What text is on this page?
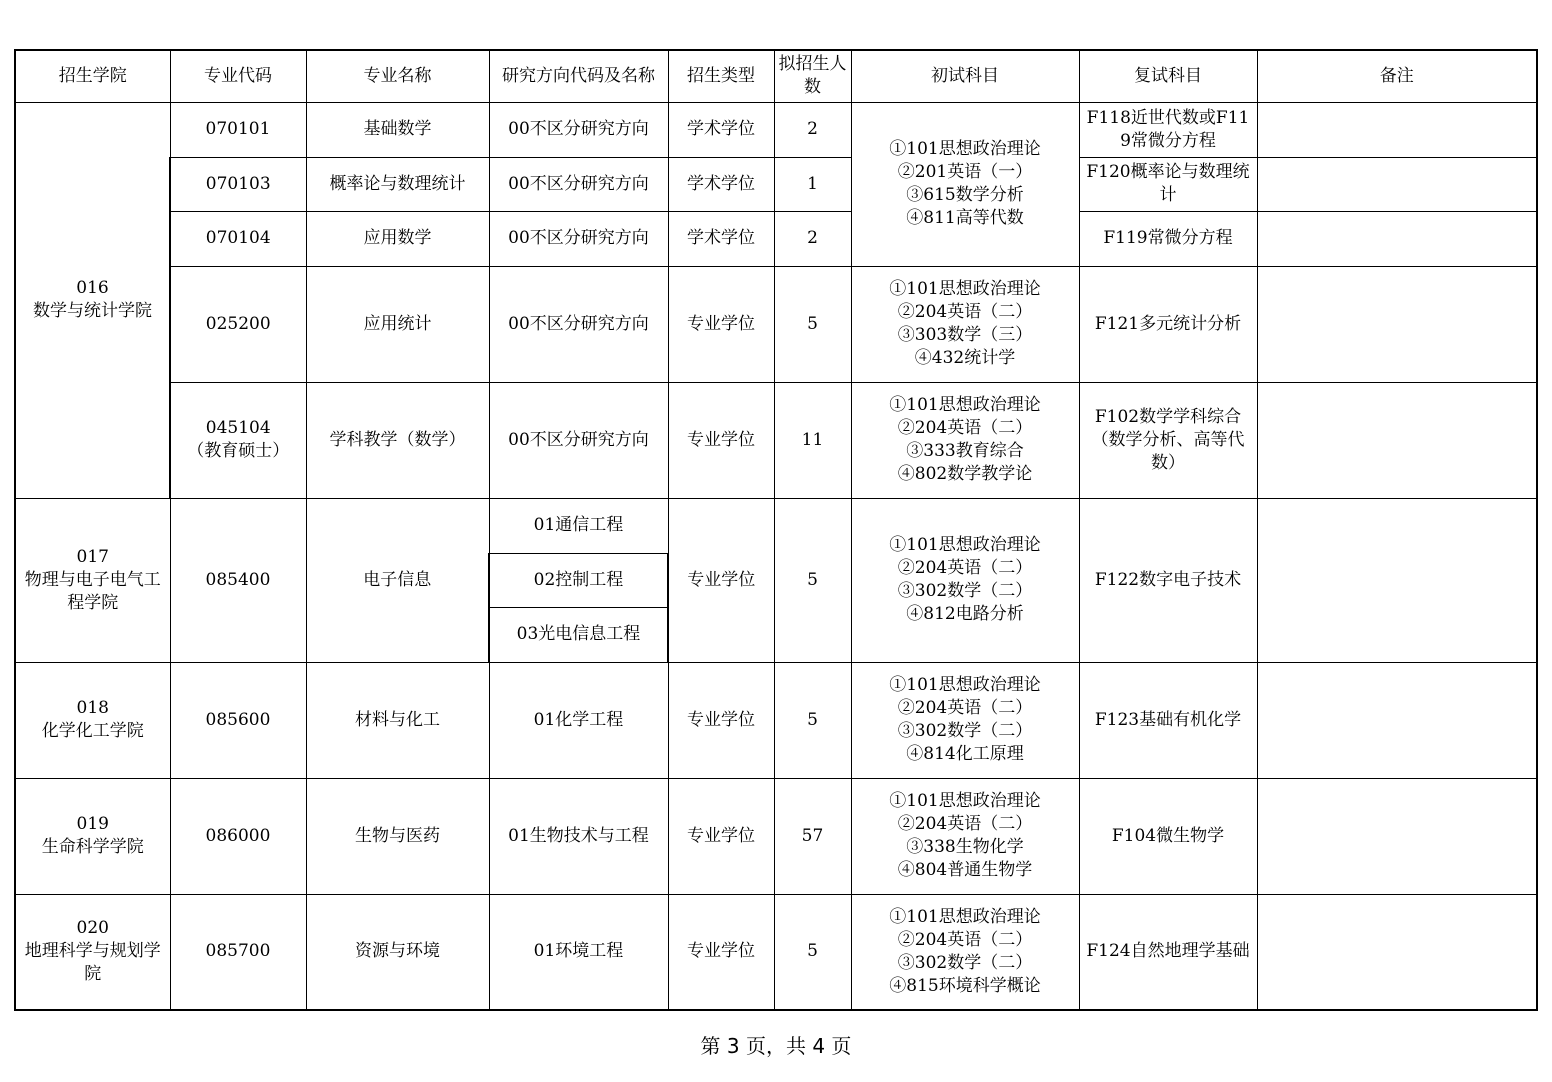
招生学院	专业代码	专业名称	研究方向代码及名称	招生类型	拟招生人数	初试科目	复试科目	备注

016
数学与统计学院	070101	基础数学	00不区分研究方向	学术学位	2	①101思想政治理论
②201英语（一）
③615数学分析
④811高等代数	F118近世代数或F119常微分方程	
	070103	概率论与数理统计	00不区分研究方向	学术学位	1		F120概率论与数理统计	
	070104	应用数学	00不区分研究方向	学术学位	2		F119常微分方程	
	025200	应用统计	00不区分研究方向	专业学位	5	①101思想政治理论
②204英语（二）
③303数学（三）
④432统计学	F121多元统计分析	

	045104
（教育硕士）	学科教学（数学）	00不区分研究方向	专业学位	11	①101思想政治理论
②204英语（二）
③333教育综合
④802数学教学论	F102数学学科综合（数学分析、高等代数）	

017
物理与电子电气工程学院	085400	电子信息	01通信工程	专业学位	5	①101思想政治理论
②204英语（二）
③302数学（二）
④812电路分析	F122数字电子技术	
			02控制工程					
			03光电信息工程					

018
化学化工学院	085600	材料与化工	01化学工程	专业学位	5	①101思想政治理论
②204英语（二）
③302数学（二）
④814化工原理	F123基础有机化学	

019
生命科学学院	086000	生物与医药	01生物技术与工程	专业学位	57	①101思想政治理论
②204英语（二）
③338生物化学
④804普通生物学	F104微生物学	

020
地理科学与规划学院	085700	资源与环境	01环境工程	专业学位	5	①101思想政治理论
②204英语（二）
③302数学（二）
④815环境科学概论	F124自然地理学基础	
第 3 页，共 4 页
